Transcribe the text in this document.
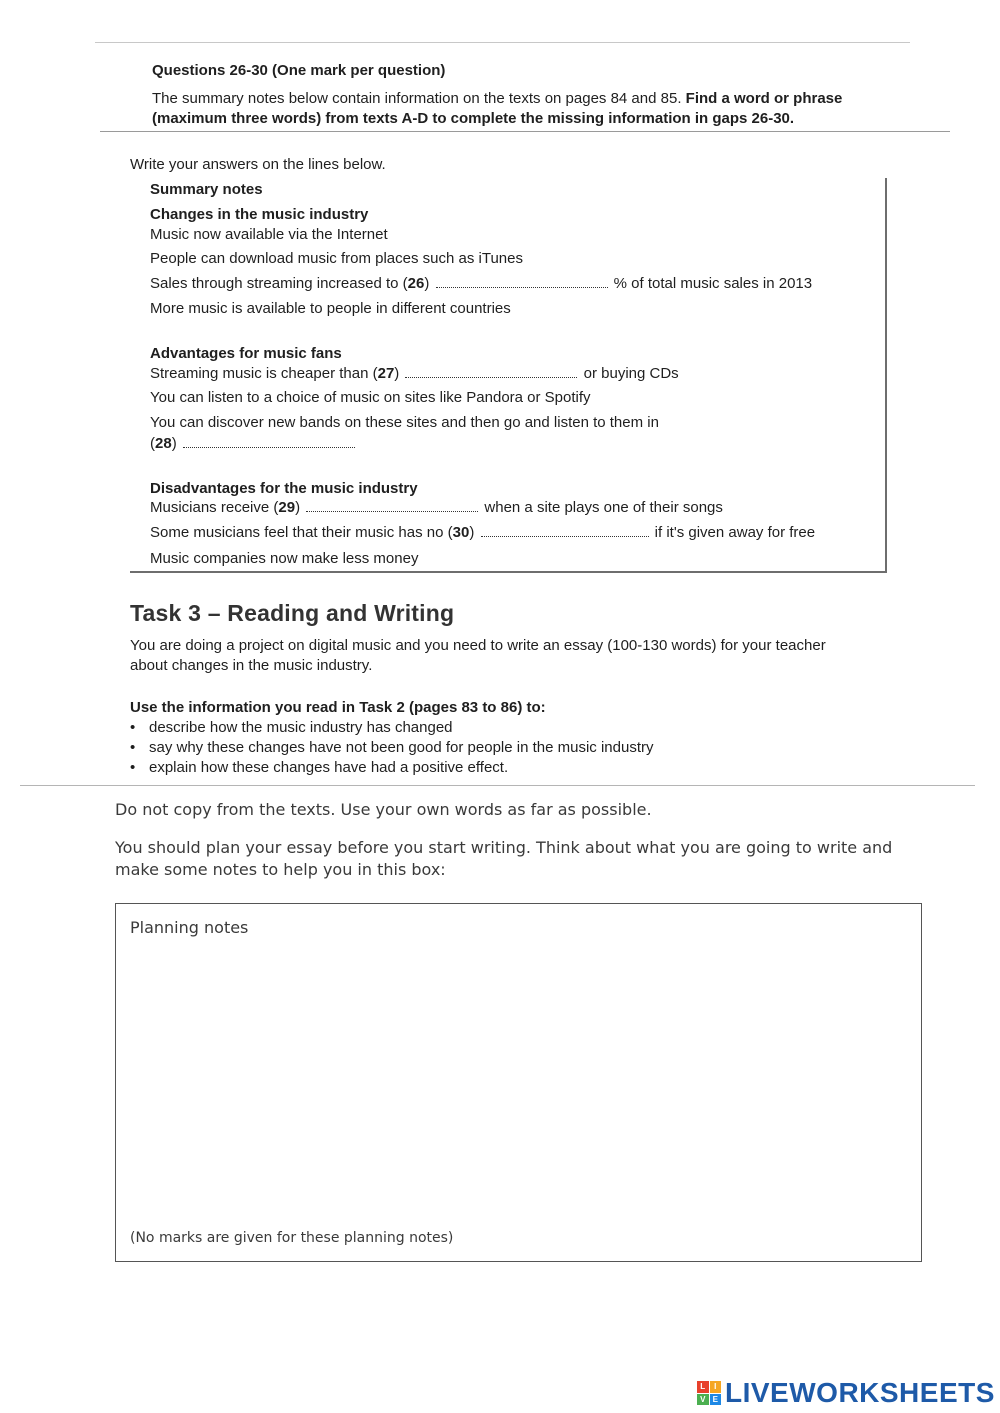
Questions 26-30 (One mark per question)
The summary notes below contain information on the texts on pages 84 and 85. Find a word or phrase
(maximum three words) from texts A-D to complete the missing information in gaps 26-30.
Write your answers on the lines below.
Summary notes
Changes in the music industry
Music now available via the Internet
People can download music from places such as iTunes
Sales through streaming increased to (26)	% of total music sales in 2013
More music is available to people in different countries
Advantages for music fans
Streaming music is cheaper than (27)	or buying CDs
You can listen to a choice of music on sites like Pandora or Spotify
You can discover new bands on these sites and then go and listen to them in
(28)
Disadvantages for the music industry
Musicians receive (29)	when a site plays one of their songs
Some musicians feel that their music has no (30)	if it's given away for free
Music companies now make less money
Task 3 – Reading and Writing
You are doing a project on digital music and you need to write an essay (100-130 words) for your teacher
about changes in the music industry.
Use the information you read in Task 2 (pages 83 to 86) to:
• describe how the music industry has changed
• say why these changes have not been good for people in the music industry
• explain how these changes have had a positive effect.
Do not copy from the texts. Use your own words as far as possible.
You should plan your essay before you start writing. Think about what you are going to write and
make some notes to help you in this box:
Planning notes
(No marks are given for these planning notes)
L	I
V E LIVEWORKSHEETS
